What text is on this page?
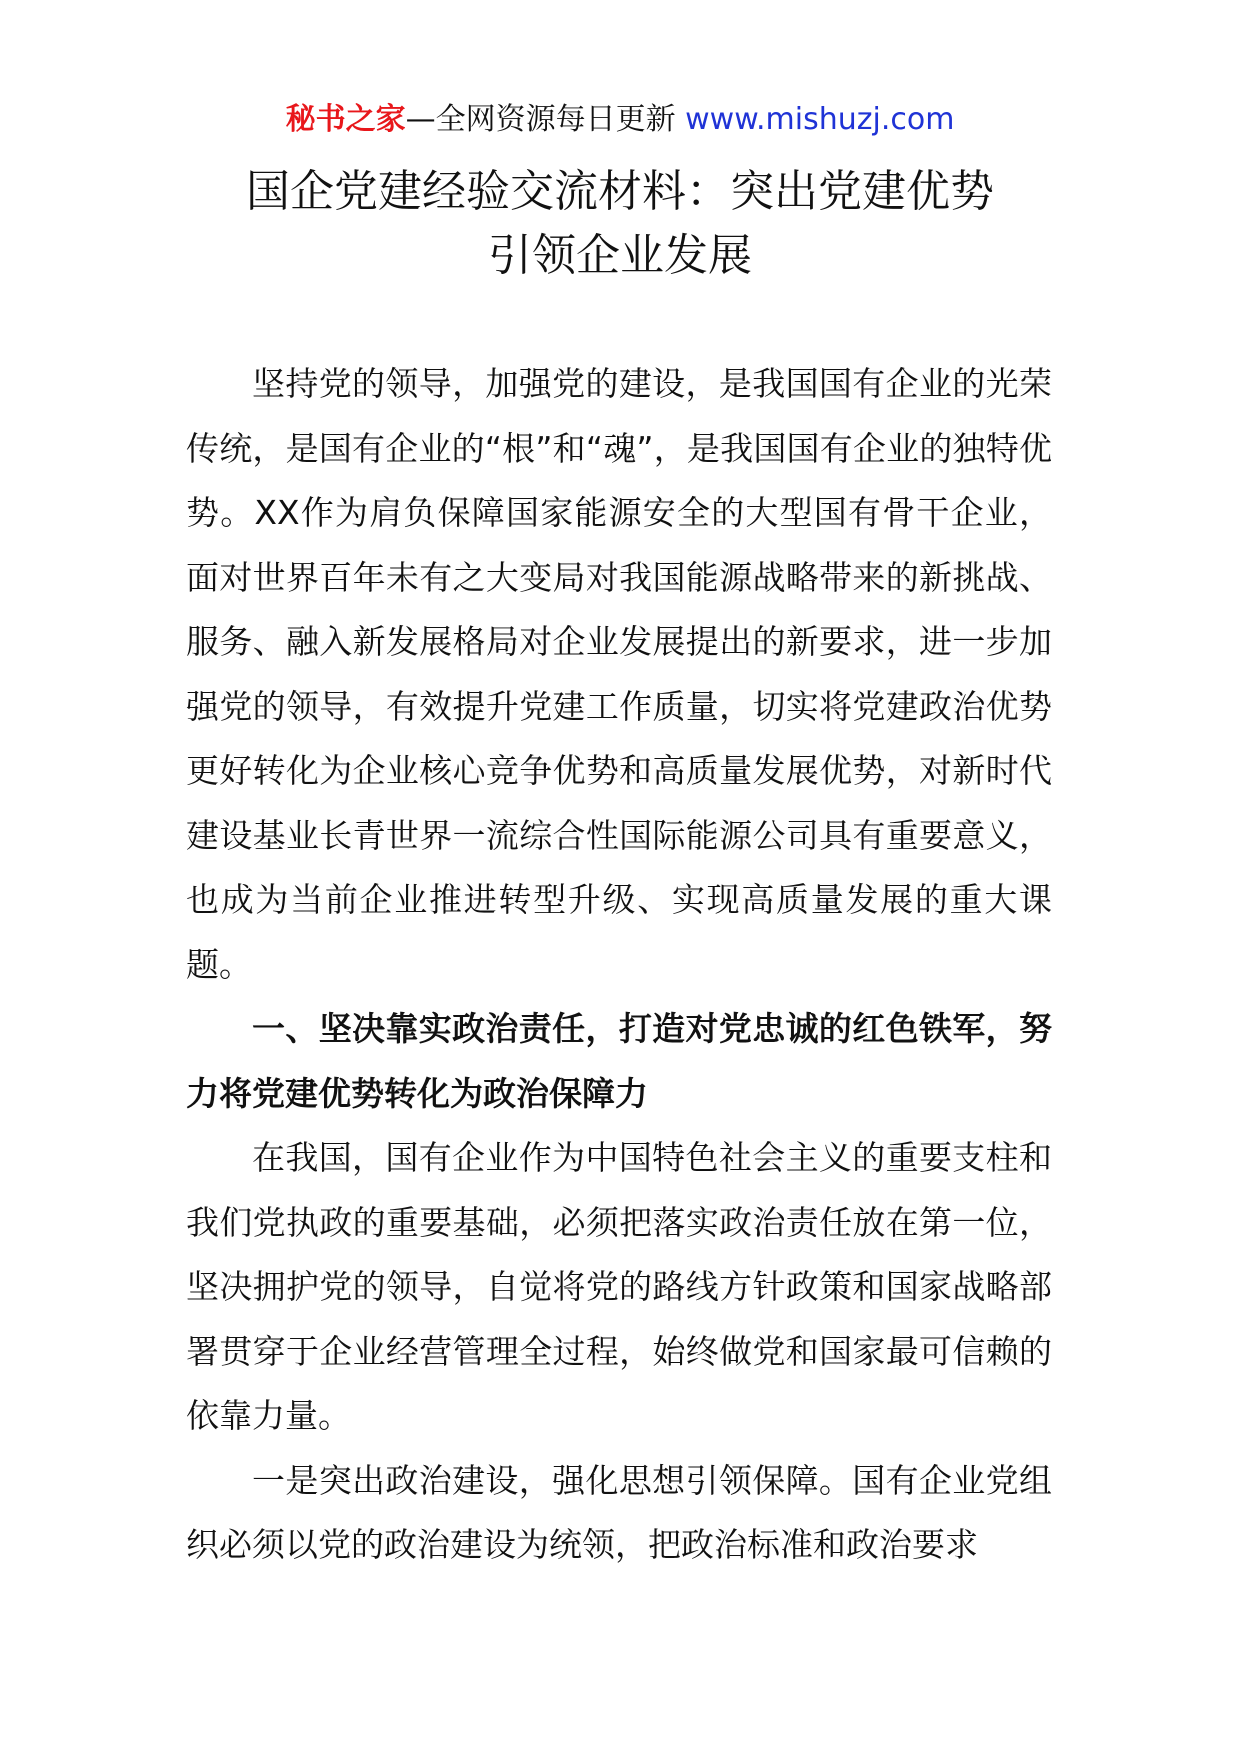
秘书之家—全网资源每日更新 www.mishuzj.com
国企党建经验交流材料：突出党建优势
引领企业发展

坚持党的领导，加强党的建设，是我国国有企业的光荣传统，是国有企业的“根”和“魂”，是我国国有企业的独特优势。XX作为肩负保障国家能源安全的大型国有骨干企业，面对世界百年未有之大变局对我国能源战略带来的新挑战、服务、融入新发展格局对企业发展提出的新要求，进一步加强党的领导，有效提升党建工作质量，切实将党建政治优势更好转化为企业核心竞争优势和高质量发展优势，对新时代建设基业长青世界一流综合性国际能源公司具有重要意义，也成为当前企业推进转型升级、实现高质量发展的重大课题。

一、坚决靠实政治责任，打造对党忠诚的红色铁军，努力将党建优势转化为政治保障力

在我国，国有企业作为中国特色社会主义的重要支柱和我们党执政的重要基础，必须把落实政治责任放在第一位，坚决拥护党的领导，自觉将党的路线方针政策和国家战略部署贯穿于企业经营管理全过程，始终做党和国家最可信赖的依靠力量。

一是突出政治建设，强化思想引领保障。国有企业党组织必须以党的政治建设为统领，把政治标准和政治要求
